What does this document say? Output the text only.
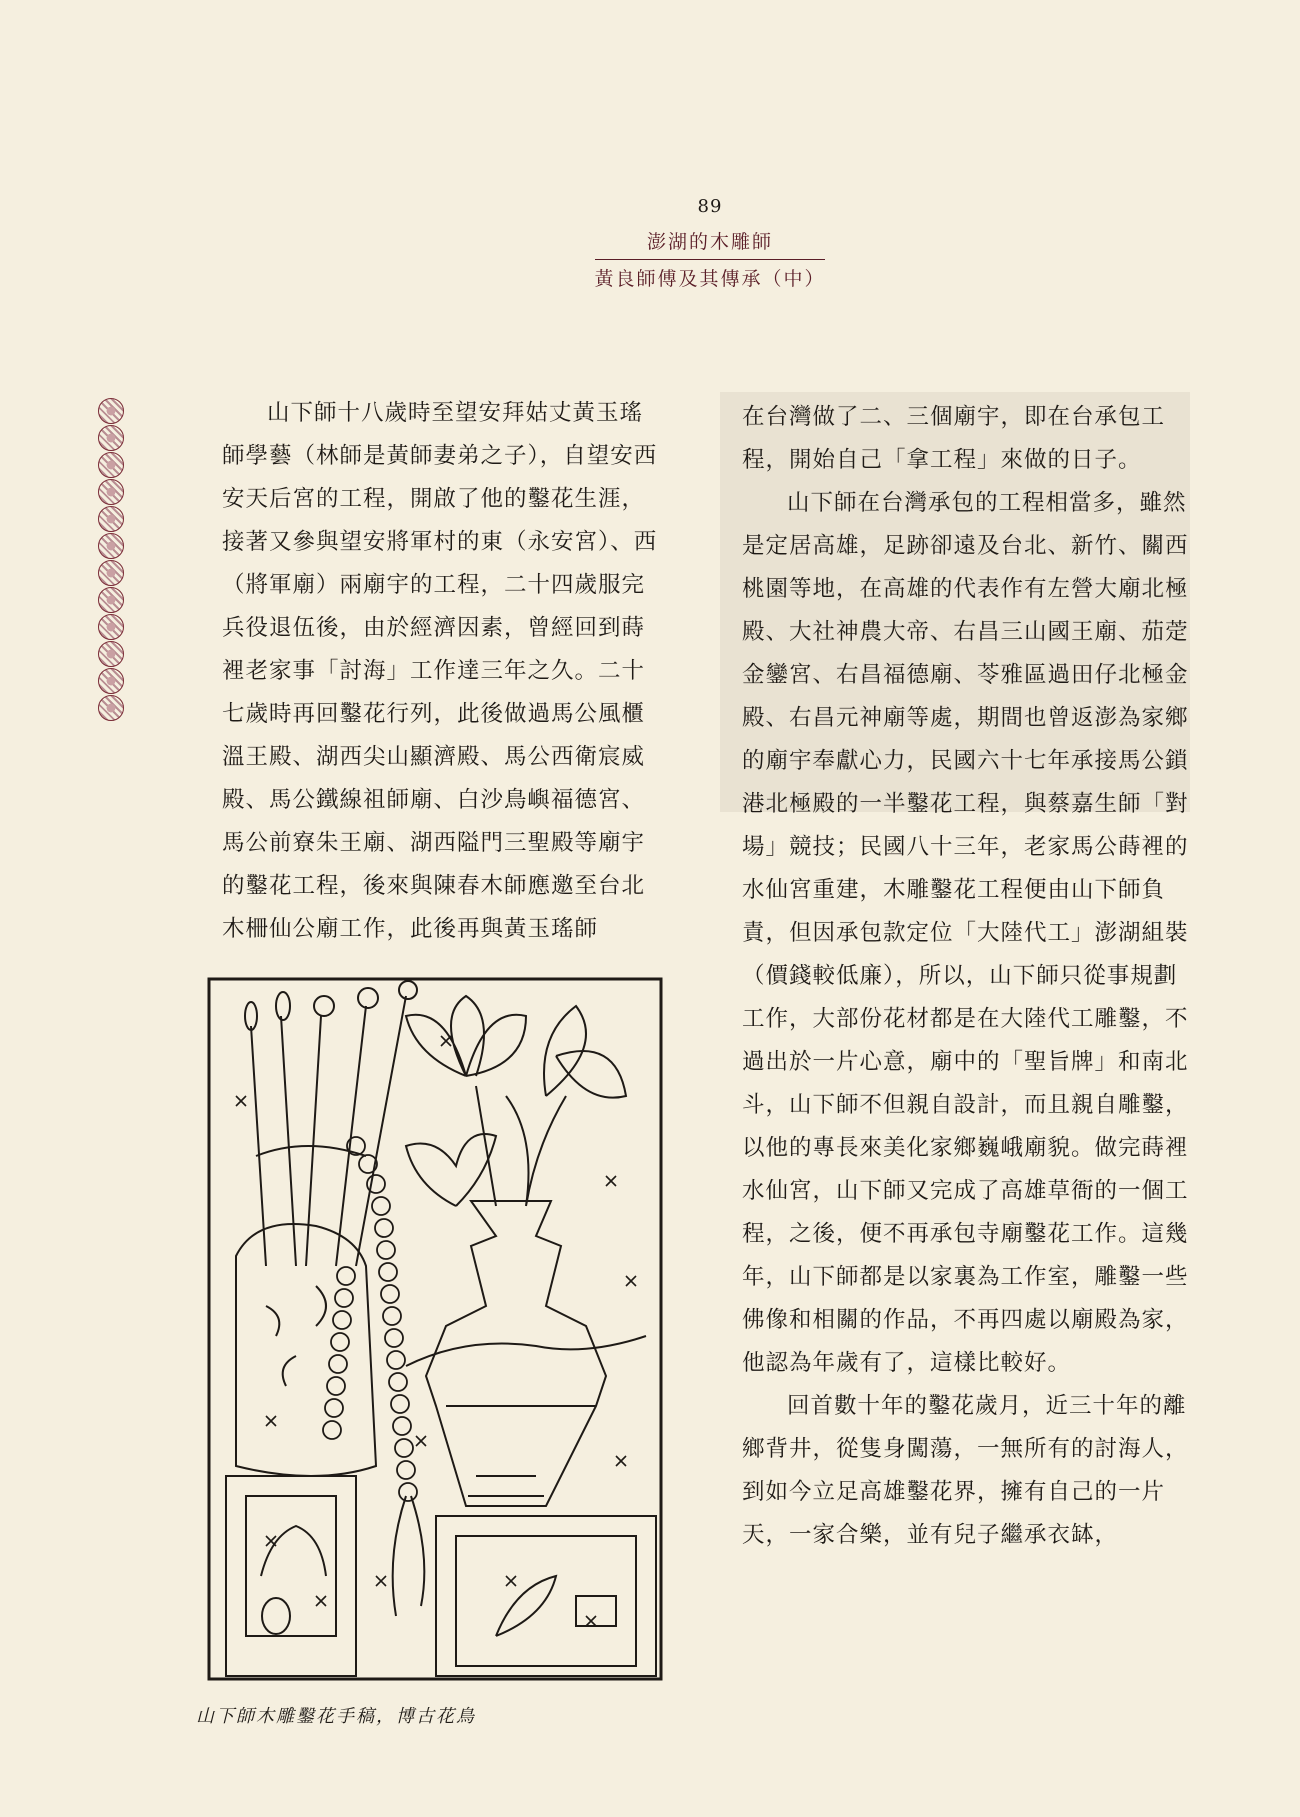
89
澎湖的木雕師
黃良師傅及其傳承（中）

山下師十八歲時至望安拜姑丈黃玉瑤師學藝（林師是黃師妻弟之子），自望安西安天后宮的工程，開啟了他的鑿花生涯，接著又參與望安將軍村的東（永安宮）、西（將軍廟）兩廟宇的工程，二十四歲服完兵役退伍後，由於經濟因素，曾經回到蒔裡老家事「討海」工作達三年之久。二十七歲時再回鑿花行列，此後做過馬公風櫃溫王殿、湖西尖山顯濟殿、馬公西衛宸威殿、馬公鐵線祖師廟、白沙鳥嶼福德宮、馬公前寮朱王廟、湖西隘門三聖殿等廟宇的鑿花工程，後來與陳春木師應邀至台北木柵仙公廟工作，此後再與黃玉瑤師

在台灣做了二、三個廟宇，即在台承包工程，開始自己「拿工程」來做的日子。

山下師在台灣承包的工程相當多，雖然是定居高雄，足跡卻遠及台北、新竹、關西桃園等地，在高雄的代表作有左營大廟北極殿、大社神農大帝、右昌三山國王廟、茄萣金鑾宮、右昌福德廟、苓雅區過田仔北極金殿、右昌元神廟等處，期間也曾返澎為家鄉的廟宇奉獻心力，民國六十七年承接馬公鎖港北極殿的一半鑿花工程，與蔡嘉生師「對場」競技；民國八十三年，老家馬公蒔裡的水仙宮重建，木雕鑿花工程便由山下師負責，但因承包款定位「大陸代工」澎湖組裝（價錢較低廉），所以，山下師只從事規劃工作，大部份花材都是在大陸代工雕鑿，不過出於一片心意，廟中的「聖旨牌」和南北斗，山下師不但親自設計，而且親自雕鑿，以他的專長來美化家鄉巍峨廟貌。做完蒔裡水仙宮，山下師又完成了高雄草衙的一個工程，之後，便不再承包寺廟鑿花工作。這幾年，山下師都是以家裏為工作室，雕鑿一些佛像和相關的作品，不再四處以廟殿為家，他認為年歲有了，這樣比較好。

回首數十年的鑿花歲月，近三十年的離鄉背井，從隻身闖蕩，一無所有的討海人，到如今立足高雄鑿花界，擁有自己的一片天，一家合樂，並有兒子繼承衣缽，

山下師木雕鑿花手稿，博古花鳥
